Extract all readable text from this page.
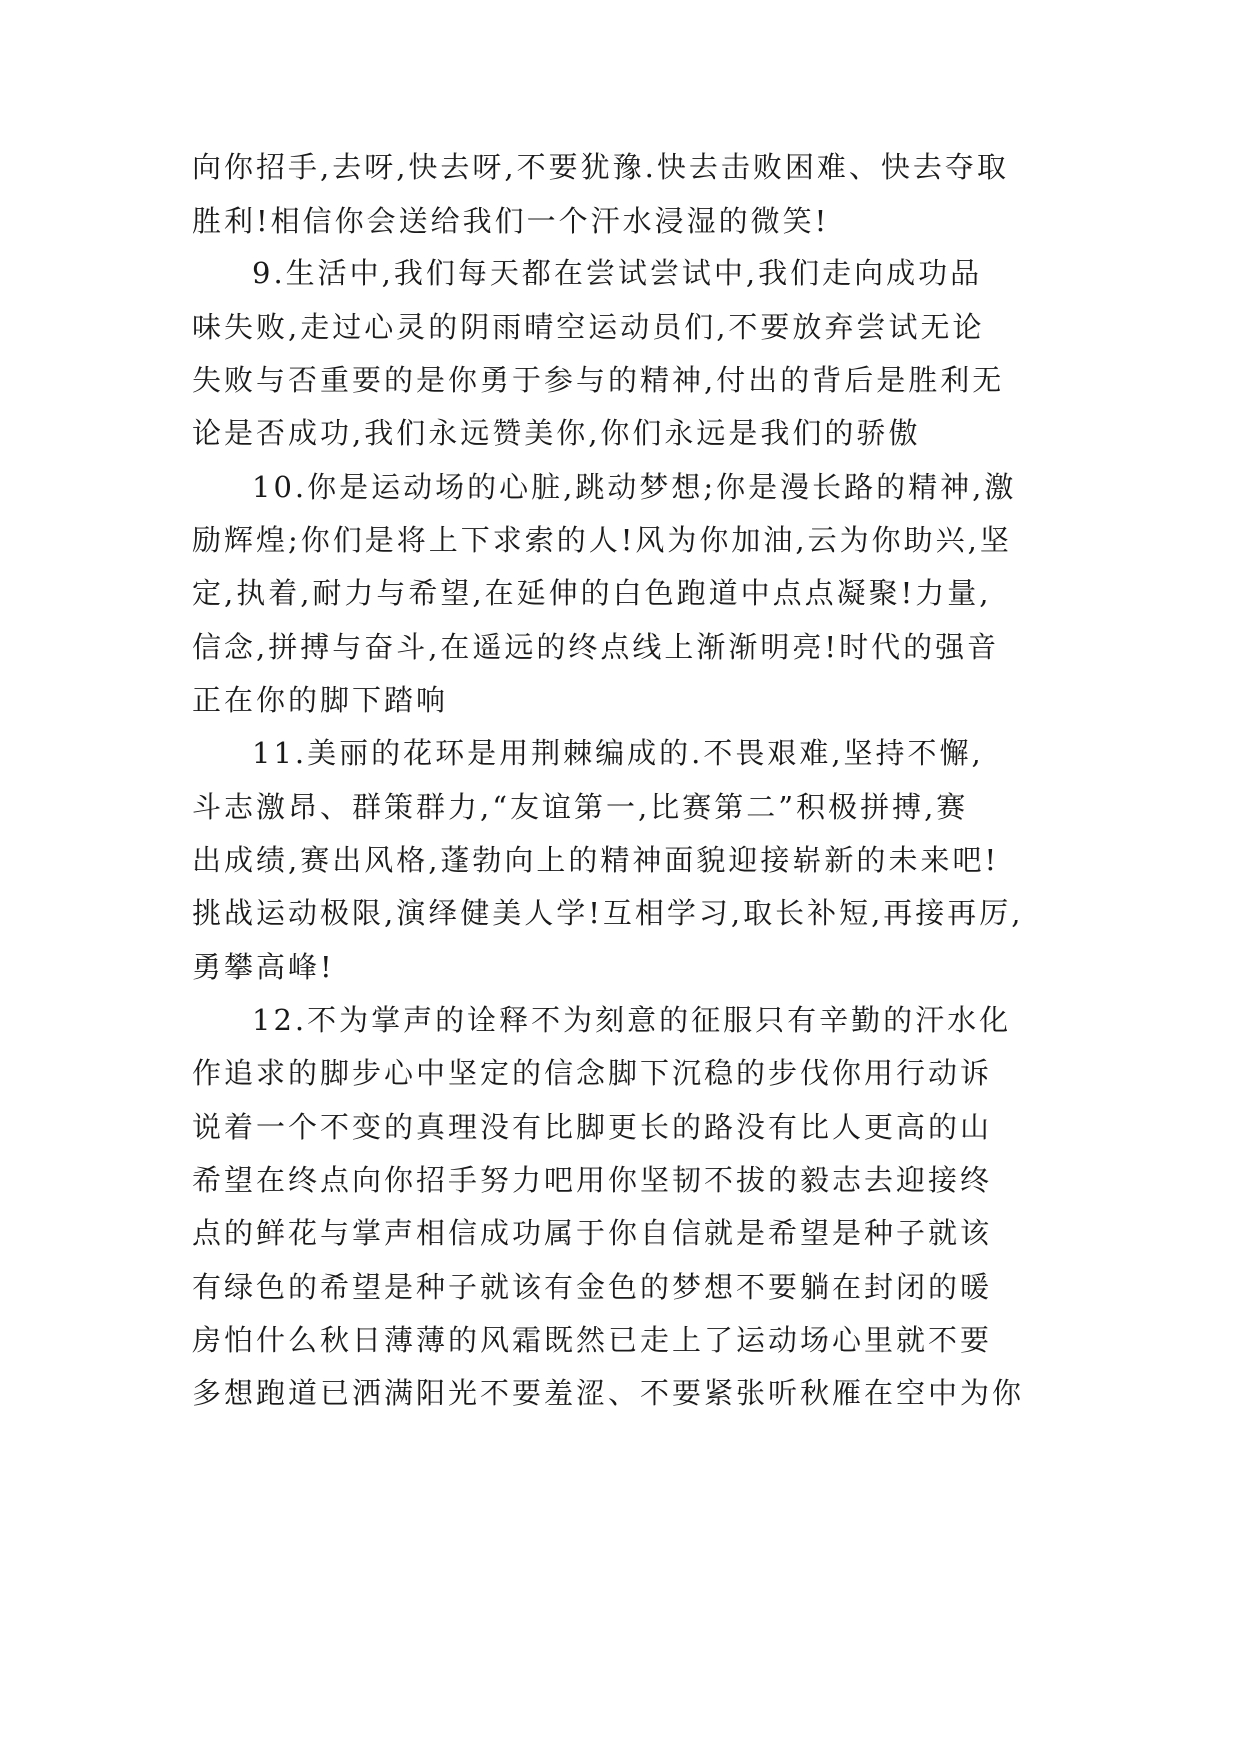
向你招手,去呀,快去呀,不要犹豫.快去击败困难、快去夺取
胜利!相信你会送给我们一个汗水浸湿的微笑!
9.生活中,我们每天都在尝试尝试中,我们走向成功品
味失败,走过心灵的阴雨晴空运动员们,不要放弃尝试无论
失败与否重要的是你勇于参与的精神,付出的背后是胜利无
论是否成功,我们永远赞美你,你们永远是我们的骄傲
10.你是运动场的心脏,跳动梦想;你是漫长路的精神,激
励辉煌;你们是将上下求索的人!风为你加油,云为你助兴,坚
定,执着,耐力与希望,在延伸的白色跑道中点点凝聚!力量,
信念,拼搏与奋斗,在遥远的终点线上渐渐明亮!时代的强音
正在你的脚下踏响
11.美丽的花环是用荆棘编成的.不畏艰难,坚持不懈,
斗志激昂、群策群力,“友谊第一,比赛第二”积极拼搏,赛
出成绩,赛出风格,蓬勃向上的精神面貌迎接崭新的未来吧!
挑战运动极限,演绎健美人学!互相学习,取长补短,再接再厉,
勇攀高峰!
12.不为掌声的诠释不为刻意的征服只有辛勤的汗水化
作追求的脚步心中坚定的信念脚下沉稳的步伐你用行动诉
说着一个不变的真理没有比脚更长的路没有比人更高的山
希望在终点向你招手努力吧用你坚韧不拔的毅志去迎接终
点的鲜花与掌声相信成功属于你自信就是希望是种子就该
有绿色的希望是种子就该有金色的梦想不要躺在封闭的暖
房怕什么秋日薄薄的风霜既然已走上了运动场心里就不要
多想跑道已洒满阳光不要羞涩、不要紧张听秋雁在空中为你
